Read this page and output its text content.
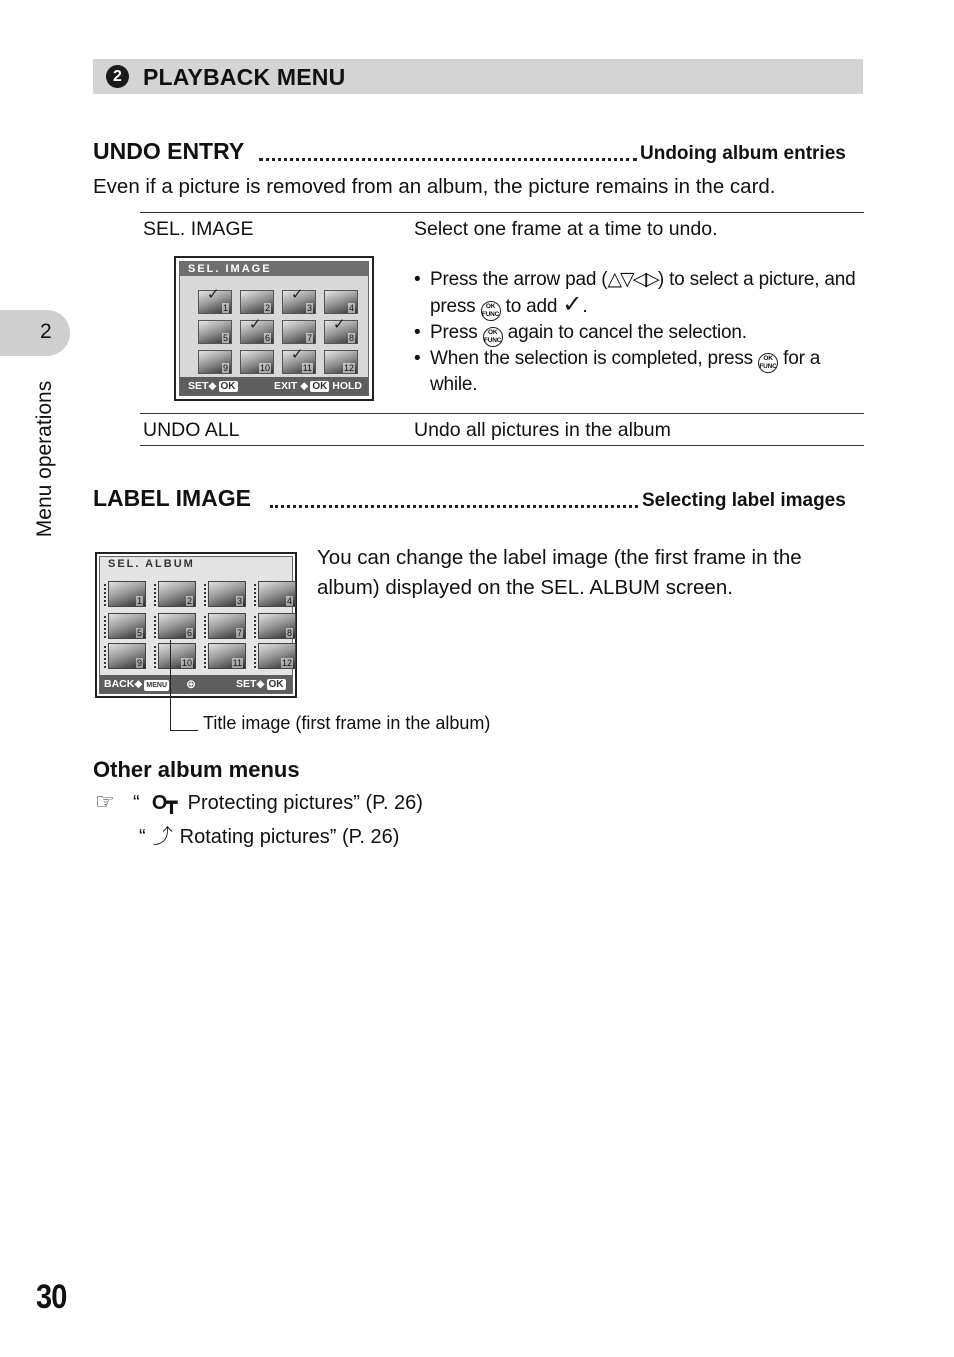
2 PLAYBACK MENU
2
Menu operations
UNDO ENTRY	Undoing album entries
Even if a picture is removed from an album, the picture remains in the card.
SEL. IMAGE	Select one frame at a time to undo.
SEL. IMAGE
✓
1	2
✓
3	4
5
✓
6	7
✓
8
9	10
✓
11	12
SET◆ OK	EXIT ◆ OK HOLD
• Press the arrow pad (△▽◁▷) to select a picture, and press OK
FUNC to add ✓.
• Press OK
FUNC again to cancel the selection.
• When the selection is completed, press OK
FUNC for a while.
UNDO ALL	Undo all pictures in the album
LABEL IMAGE	Selecting label images
SEL. ALBUM
1	2	3	4
5	6	7	8
9	10	11	12
BACK◆ MENU ⊕	SET◆ OK
You can change the label image (the first frame in the album) displayed on the SEL. ALBUM screen.
Title image (first frame in the album)
Other album menus
☞ “ O┳ Protecting pictures” (P. 26)
“ ⤴ Rotating pictures” (P. 26)
30
